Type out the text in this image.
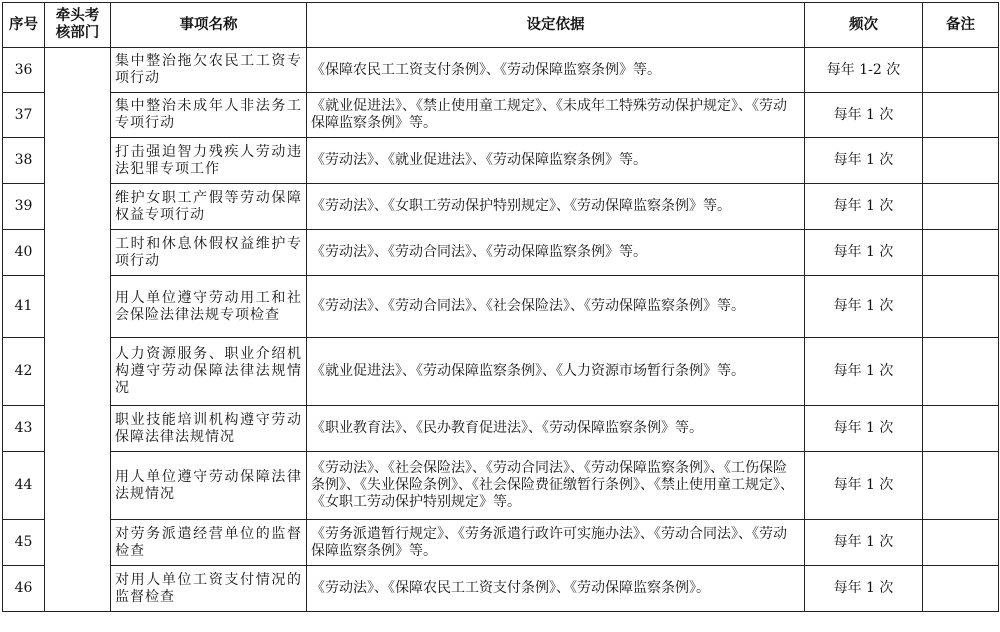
序号	牵头考核部门	事项名称	设定依据	频次	备注
36		集中整治拖欠农民工工资专项行动	《保障农民工工资支付条例》、《劳动保障监察条例》等。	每年 1-2 次	
37		集中整治未成年人非法务工专项行动	《就业促进法》、《禁止使用童工规定》、《未成年工特殊劳动保护规定》、《劳动保障监察条例》等。	每年 1 次	
38		打击强迫智力残疾人劳动违法犯罪专项工作	《劳动法》、《就业促进法》、《劳动保障监察条例》等。	每年 1 次	
39		维护女职工产假等劳动保障权益专项行动	《劳动法》、《女职工劳动保护特别规定》、《劳动保障监察条例》等。	每年 1 次	
40		工时和休息休假权益维护专项行动	《劳动法》、《劳动合同法》、《劳动保障监察条例》等。	每年 1 次	
41		用人单位遵守劳动用工和社会保险法律法规专项检查	《劳动法》、《劳动合同法》、《社会保险法》、《劳动保障监察条例》等。	每年 1 次	
42		人力资源服务、职业介绍机构遵守劳动保障法律法规情况	《就业促进法》、《劳动保障监察条例》、《人力资源市场暂行条例》等。	每年 1 次	
43		职业技能培训机构遵守劳动保障法律法规情况	《职业教育法》、《民办教育促进法》、《劳动保障监察条例》等。	每年 1 次	
44		用人单位遵守劳动保障法律法规情况	《劳动法》、《社会保险法》、《劳动合同法》、《劳动保障监察条例》、《工伤保险条例》、《失业保险条例》、《社会保险费征缴暂行条例》、《禁止使用童工规定》、《女职工劳动保护特别规定》等。	每年 1 次	
45		对劳务派遣经营单位的监督检查	《劳务派遣暂行规定》、《劳务派遣行政许可实施办法》、《劳动合同法》、《劳动保障监察条例》等。	每年 1 次	
46		对用人单位工资支付情况的监督检查	《劳动法》、《保障农民工工资支付条例》、《劳动保障监察条例》。	每年 1 次	
